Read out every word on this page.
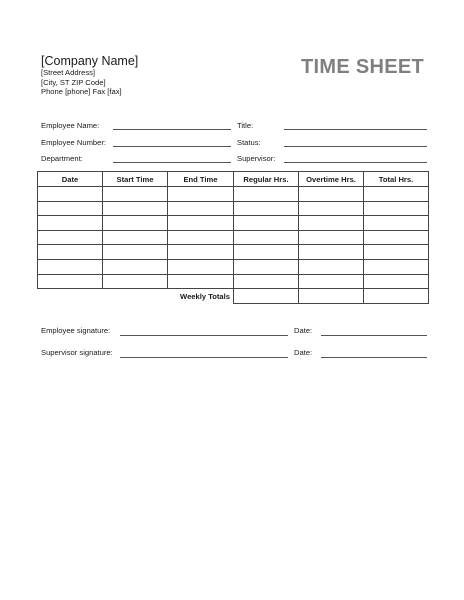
[Company Name]
[Street Address]
[City, ST ZIP Code]
Phone [phone] Fax [fax]
TIME SHEET
Employee Name:	Title:
Employee Number:	Status:
Department:	Supervisor:
Date	Start Time	End Time	Regular Hrs.	Overtime Hrs.	Total Hrs.

Weekly Totals					
Employee signature:	Date:
Supervisor signature:	Date:
